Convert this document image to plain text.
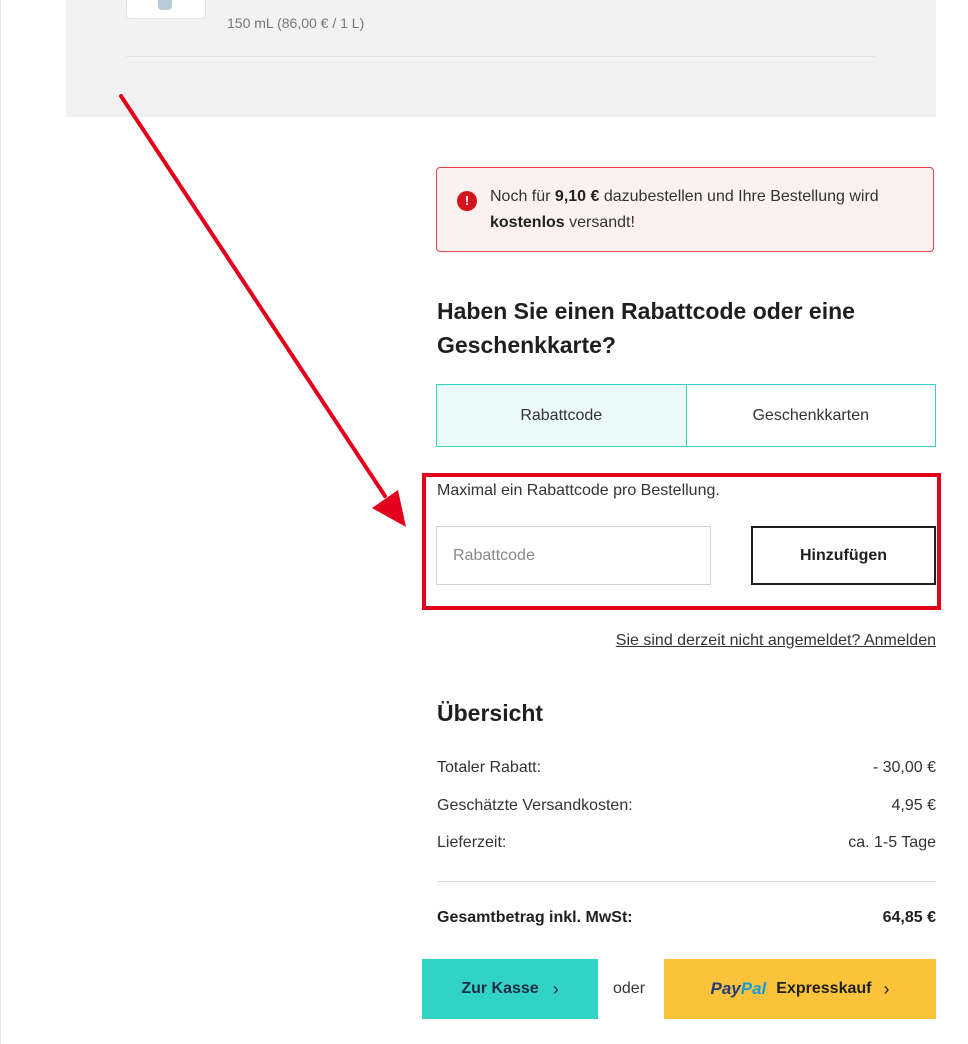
150 mL (86,00 € / 1 L)
!	Noch für 9,10 € dazubestellen und Ihre Bestellung wird kostenlos versandt!
Haben Sie einen Rabattcode oder eine Geschenkkarte?
Rabattcode	Geschenkkarten
Maximal ein Rabattcode pro Bestellung.
Rabattcode
Hinzufügen
Sie sind derzeit nicht angemeldet? Anmelden
Übersicht
Totaler Rabatt:	- 30,00 €
Geschätzte Versandkosten:	4,95 €
Lieferzeit:	ca. 1-5 Tage
Gesamtbetrag inkl. MwSt:	64,85 €
Zur Kasse ›	oder	PayPal Expresskauf ›
